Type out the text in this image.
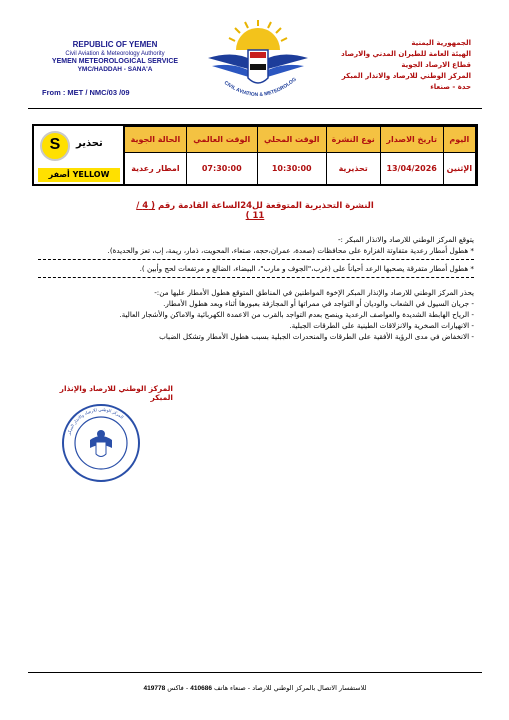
REPUBLIC OF YEMEN
Civil Aviation & Meteorology Authority
YEMEN METEOROLOGICAL SERVICE
YMC/HADDAH - SANA'A
From : MET / NMC/03 /09
CIVIL AVIATION & METEOROLOG
الجمهورية اليمنية
الهيئة العامة للطيران المدني والارصاد
قطاع الارصاد الجوية
المركز الوطني للارصاد والانذار المبكر
حدة - صنعاء
S	تحذير
أصفر YELLOW
اليوم	تاريخ الاصدار	نوع النشرة	الوقت المحلي	الوقت العالمي	الحالة الجوية
الإثنين	13/04/2026	تحذيرية	10:30:00	07:30:00	امطار رعدية
النشرة التحذيرية المتوقعة لل24الساعة القادمة رقم ( 4 / 11 )

يتوقع المركز الوطني للارصاد والانذار المبكر :-

* هطول أمطار رعدية متفاوتة الغزارة على محافظات (صعدة، عمران،حجه، صنعاء، المحويت، ذمار، ريمة، إب، تعز والحديدة).

* هطول أمطار متفرقة يصحبها الرعد أحياناً على (غرب،"الجوف و مارب"، البيضاء، الضالع و مرتفعات لحج وأبين ).

يحذر المركز الوطني للارصاد والإنذار المبكر الإخوة المواطنين في المناطق المتوقع هطول الأمطار عليها من:-

- جريان السيول في الشعاب والوديان أو التواجد في ممراتها أو المجازفة بعبورها أثناء وبعد هطول الأمطار.

- الرياح الهابطة الشديدة والعواصف الرعدية وينصح بعدم التواجد بالقرب من الاعمدة الكهربائية والاماكن والأشجار العالية.

- الانهيارات الصخرية والانزلاقات الطينية على الطرقات الجبلية.

- الانخفاض في مدى الرؤية الأفقية على الطرقات والمنحدرات الجبلية بسبب هطول الأمطار وتشكل الضباب

المركز الوطني للارصاد والإنذار المبكر
المركز الوطني للارصاد والانذار المبكر
للاستفسار الاتصال بالمركز الوطني للارصاد - صنعاء هاتف 410686 - فاكس 419778
